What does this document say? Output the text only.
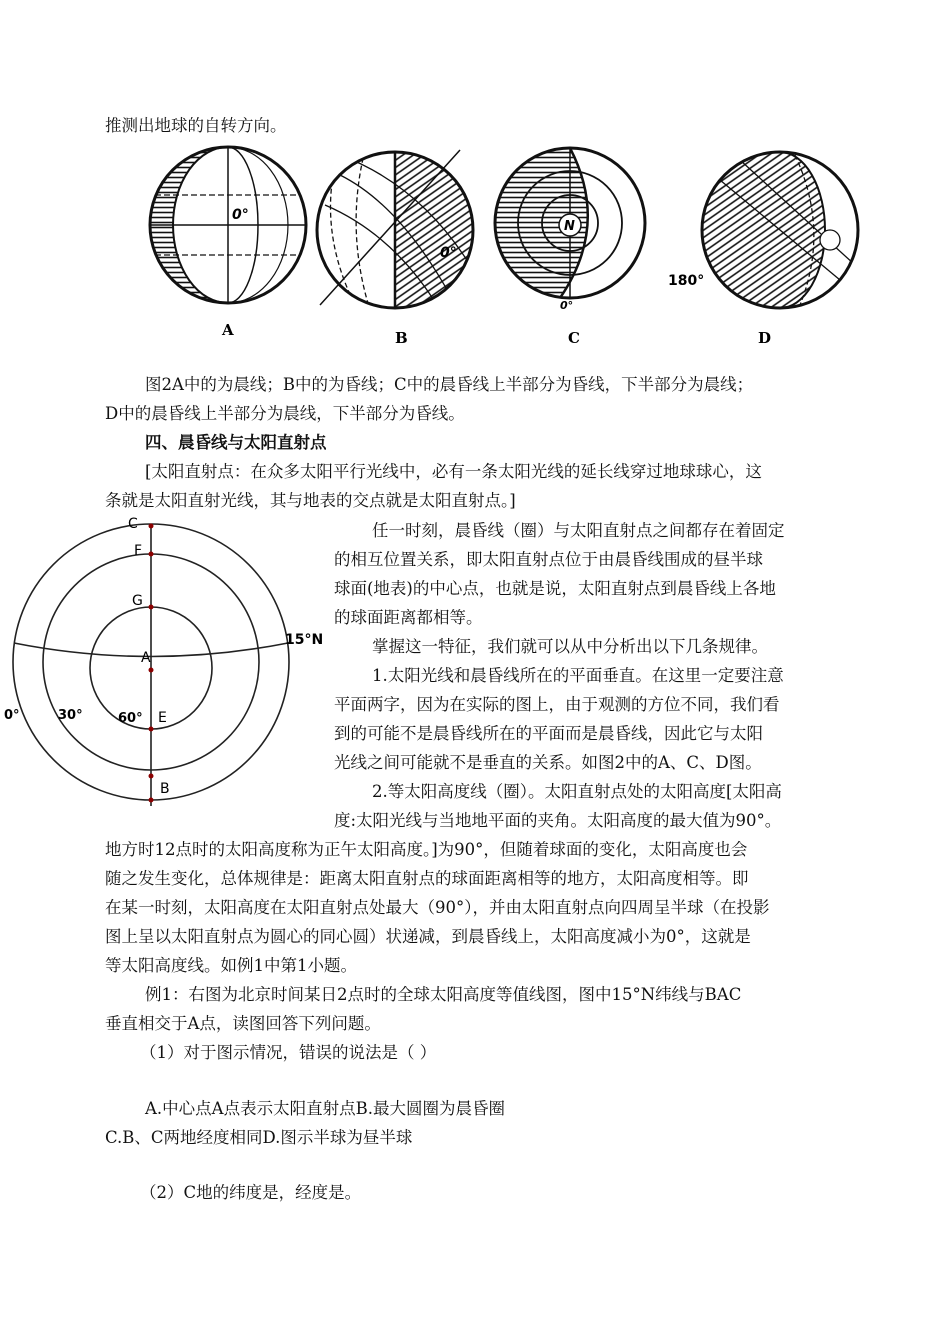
推测出地球的自转方向。
0°
A
0°
B
N
0°
C
180°
D
图2A中的为晨线；B中的为昏线；C中的晨昏线上半部分为昏线，下半部分为晨线；
D中的晨昏线上半部分为晨线，下半部分为昏线。
四、晨昏线与太阳直射点
[太阳直射点：在众多太阳平行光线中，必有一条太阳光线的延长线穿过地球球心，这
条就是太阳直射光线，其与地表的交点就是太阳直射点。]
C
F
G
A
E
B
15°N
0°	30°	60°
任一时刻，晨昏线（圈）与太阳直射点之间都存在着固定
的相互位置关系，即太阳直射点位于由晨昏线围成的昼半球
球面(地表)的中心点，也就是说，太阳直射点到晨昏线上各地
的球面距离都相等。
掌握这一特征，我们就可以从中分析出以下几条规律。
1.太阳光线和晨昏线所在的平面垂直。在这里一定要注意
平面两字，因为在实际的图上，由于观测的方位不同，我们看
到的可能不是晨昏线所在的平面而是晨昏线，因此它与太阳
光线之间可能就不是垂直的关系。如图2中的A、C、D图。
2.等太阳高度线（圈）。太阳直射点处的太阳高度[太阳高
度:太阳光线与当地地平面的夹角。太阳高度的最大值为90°。
地方时12点时的太阳高度称为正午太阳高度。]为90°，但随着球面的变化，太阳高度也会
随之发生变化，总体规律是：距离太阳直射点的球面距离相等的地方，太阳高度相等。即
在某一时刻，太阳高度在太阳直射点处最大（90°），并由太阳直射点向四周呈半球（在投影
图上呈以太阳直射点为圆心的同心圆）状递减，到晨昏线上，太阳高度减小为0°，这就是
等太阳高度线。如例1中第1小题。
例1：右图为北京时间某日2点时的全球太阳高度等值线图，图中15°N纬线与BAC
垂直相交于A点，读图回答下列问题。
（1）对于图示情况，错误的说法是（ ）
A.中心点A点表示太阳直射点B.最大圆圈为晨昏圈
C.B、C两地经度相同D.图示半球为昼半球
（2）C地的纬度是，经度是。
